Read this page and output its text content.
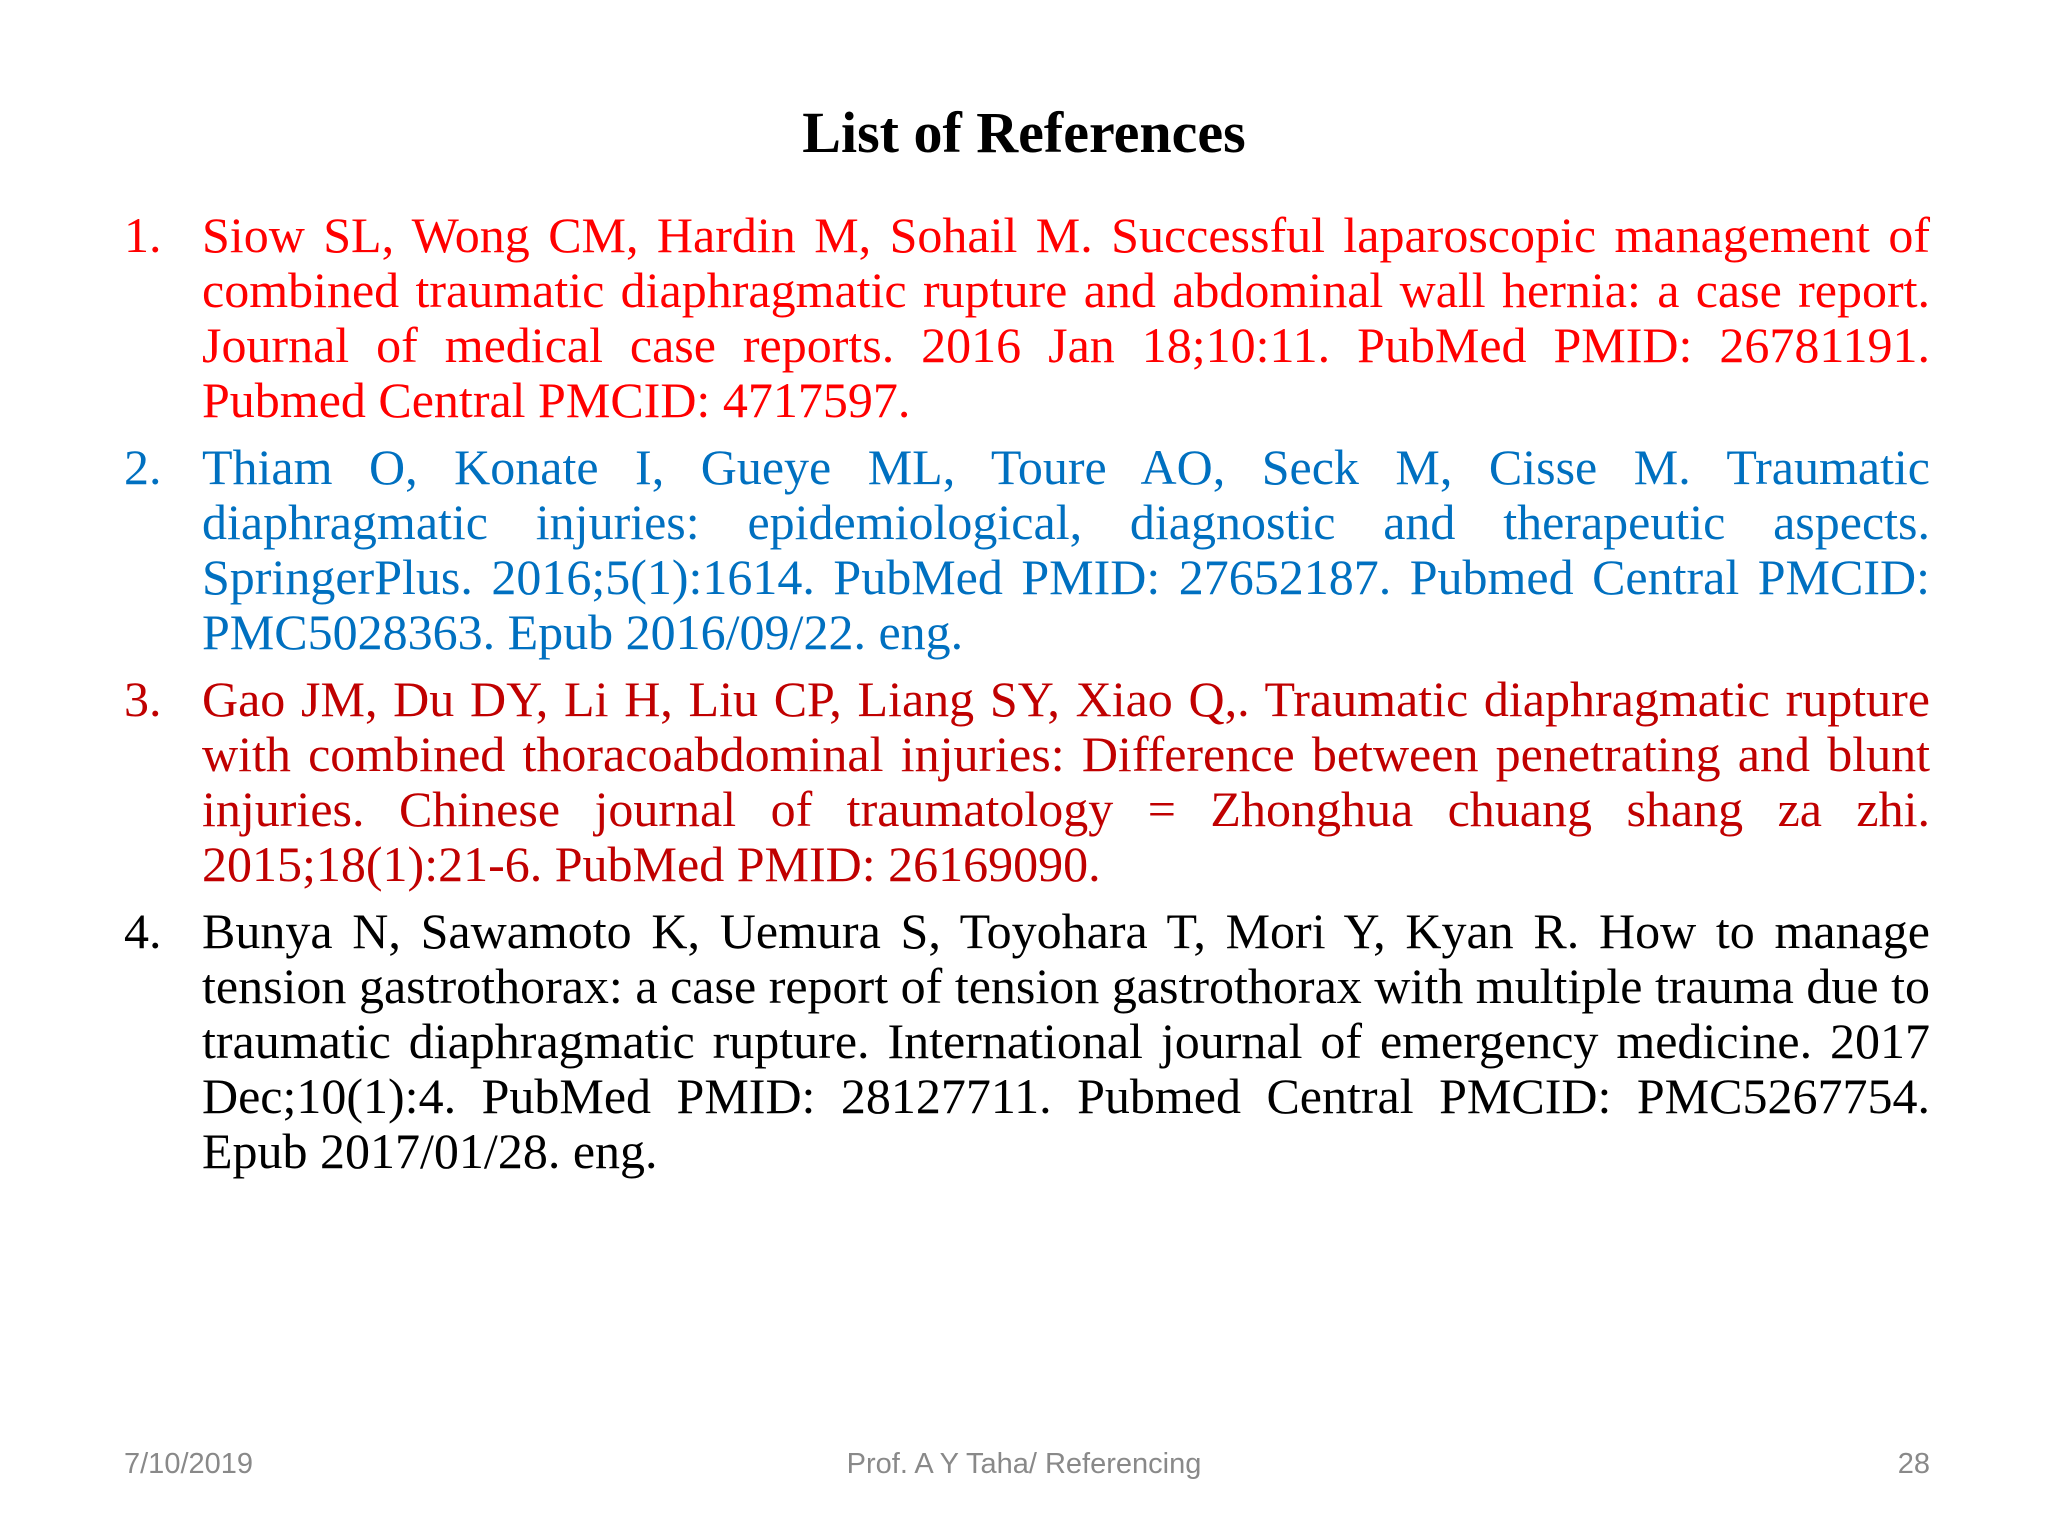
List of References
1. Siow SL, Wong CM, Hardin M, Sohail M. Successful laparoscopic management of combined traumatic diaphragmatic rupture and abdominal wall hernia: a case report. Journal of medical case reports. 2016 Jan 18;10:11. PubMed PMID: 26781191. Pubmed Central PMCID: 4717597.
2. Thiam O, Konate I, Gueye ML, Toure AO, Seck M, Cisse M. Traumatic diaphragmatic injuries: epidemiological, diagnostic and therapeutic aspects. SpringerPlus. 2016;5(1):1614. PubMed PMID: 27652187. Pubmed Central PMCID: PMC5028363. Epub 2016/09/22. eng.
3. Gao JM, Du DY, Li H, Liu CP, Liang SY, Xiao Q,. Traumatic diaphragmatic rupture with combined thoracoabdominal injuries: Difference between penetrating and blunt injuries. Chinese journal of traumatology = Zhonghua chuang shang za zhi. 2015;18(1):21-6. PubMed PMID: 26169090.
4. Bunya N, Sawamoto K, Uemura S, Toyohara T, Mori Y, Kyan R. How to manage tension gastrothorax: a case report of tension gastrothorax with multiple trauma due to traumatic diaphragmatic rupture. International journal of emergency medicine. 2017 Dec;10(1):4. PubMed PMID: 28127711. Pubmed Central PMCID: PMC5267754. Epub 2017/01/28. eng.
7/10/2019	Prof. A Y Taha/ Referencing	28
